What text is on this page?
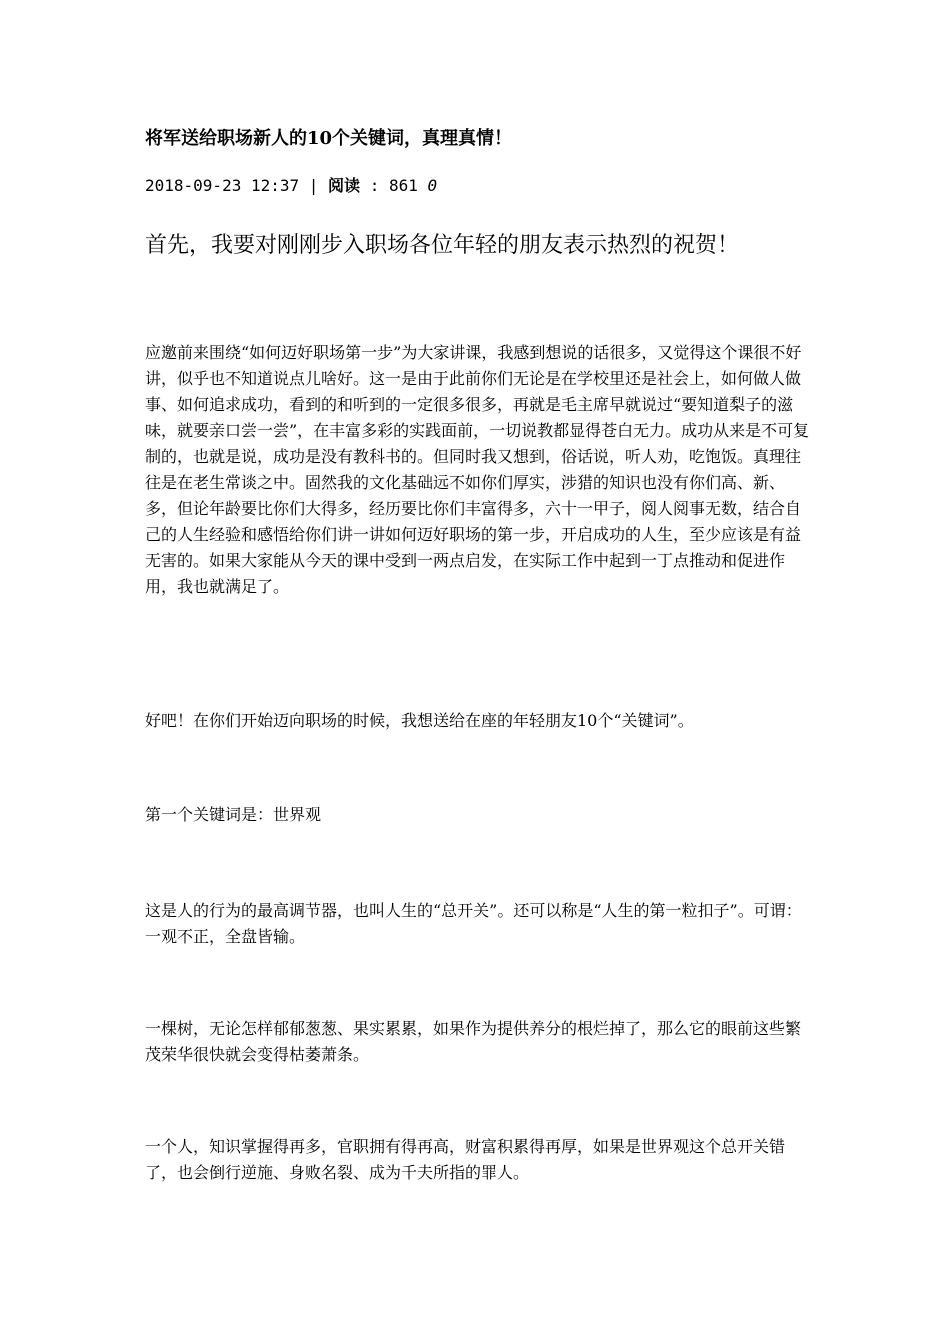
将军送给职场新人的10个关键词，真理真情！
2018-09-23 12:37 | 阅读 : 861 0
首先，我要对刚刚步入职场各位年轻的朋友表示热烈的祝贺！
应邀前来围绕“如何迈好职场第一步”为大家讲课，我感到想说的话很多，又觉得这个课很不好讲，似乎也不知道说点儿啥好。这一是由于此前你们无论是在学校里还是社会上，如何做人做事、如何追求成功，看到的和听到的一定很多很多，再就是毛主席早就说过“要知道梨子的滋味，就要亲口尝一尝”，在丰富多彩的实践面前，一切说教都显得苍白无力。成功从来是不可复制的，也就是说，成功是没有教科书的。但同时我又想到，俗话说，听人劝，吃饱饭。真理往往是在老生常谈之中。固然我的文化基础远不如你们厚实，涉猎的知识也没有你们高、新、多，但论年龄要比你们大得多，经历要比你们丰富得多，六十一甲子，阅人阅事无数，结合自己的人生经验和感悟给你们讲一讲如何迈好职场的第一步，开启成功的人生，至少应该是有益无害的。如果大家能从今天的课中受到一两点启发，在实际工作中起到一丁点推动和促进作用，我也就满足了。
好吧！在你们开始迈向职场的时候，我想送给在座的年轻朋友10个“关键词”。
第一个关键词是：世界观
这是人的行为的最高调节器，也叫人生的“总开关”。还可以称是“人生的第一粒扣子”。可谓：一观不正，全盘皆输。
一棵树，无论怎样郁郁葱葱、果实累累，如果作为提供养分的根烂掉了，那么它的眼前这些繁茂荣华很快就会变得枯萎萧条。
一个人，知识掌握得再多，官职拥有得再高，财富积累得再厚，如果是世界观这个总开关错了，也会倒行逆施、身败名裂、成为千夫所指的罪人。
